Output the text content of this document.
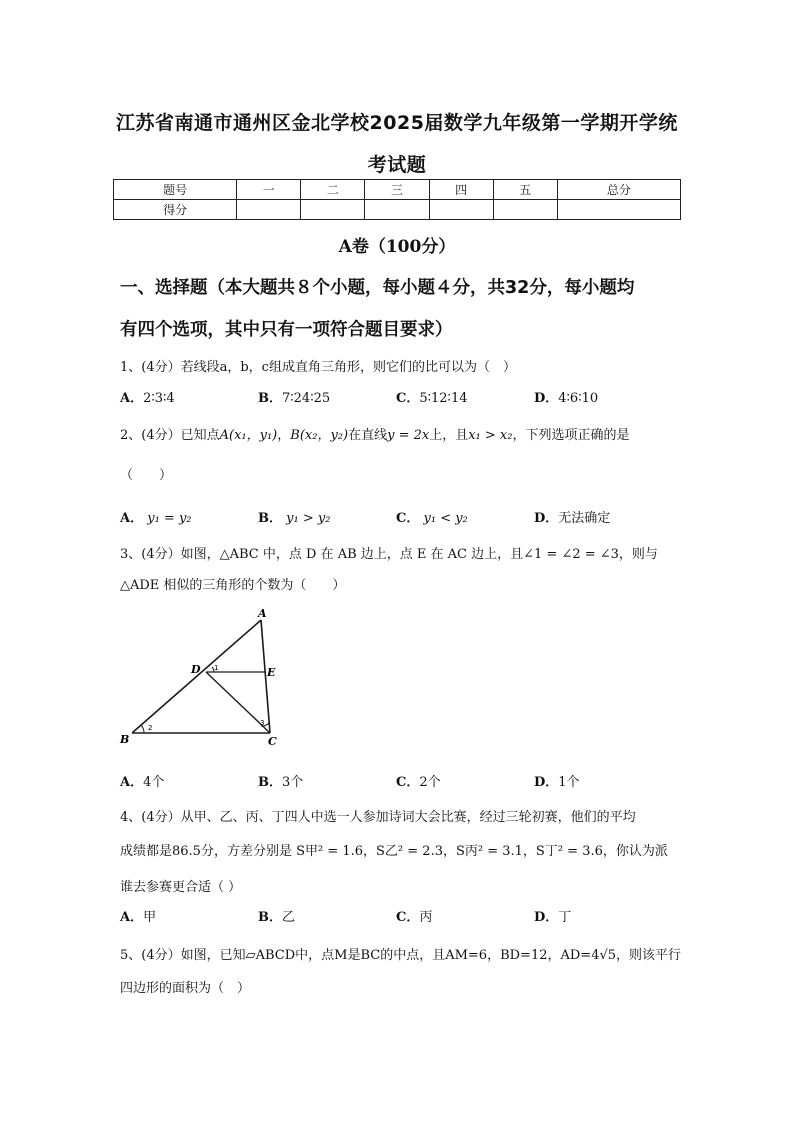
江苏省南通市通州区金北学校2025届数学九年级第一学期开学统
考试题
题号	一	二	三	四	五	总分
得分						
A卷（100分）
一、选择题（本大题共８个小题，每小题４分，共32分，每小题均
有四个选项，其中只有一项符合题目要求）
1、(4分）若线段a，b，c组成直角三角形，则它们的比可以为（　）
A．2∶3∶4	B．7∶24∶25	C．5∶12∶14	D．4∶6∶10
2、(4分）已知点A(x₁，y₁)，B(x₂，y₂)在直线y = 2x上，且x₁ > x₂，下列选项正确的是
（　　）
A． y₁ = y₂	B． y₁ > y₂	C． y₁ < y₂	D．无法确定
3、(4分）如图，△ABC 中，点 D 在 AB 边上，点 E 在 AC 边上，且∠1 = ∠2 = ∠3，则与
△ADE 相似的三角形的个数为（　　）
A
B	C
D	E
1
2
3
A．4个	B．3个	C．2个	D．1个
4、(4分）从甲、乙、丙、丁四人中选一人参加诗词大会比赛，经过三轮初赛，他们的平均
成绩都是86.5分，方差分别是 S甲² = 1.6，S乙² = 2.3，S丙² = 3.1，S丁² = 3.6，你认为派
谁去参赛更合适（ ）
A．甲	B．乙	C．丙	D．丁
5、(4分）如图，已知▱ABCD中，点M是BC的中点，且AM=6，BD=12，AD=4√5，则该平行
四边形的面积为（　）
